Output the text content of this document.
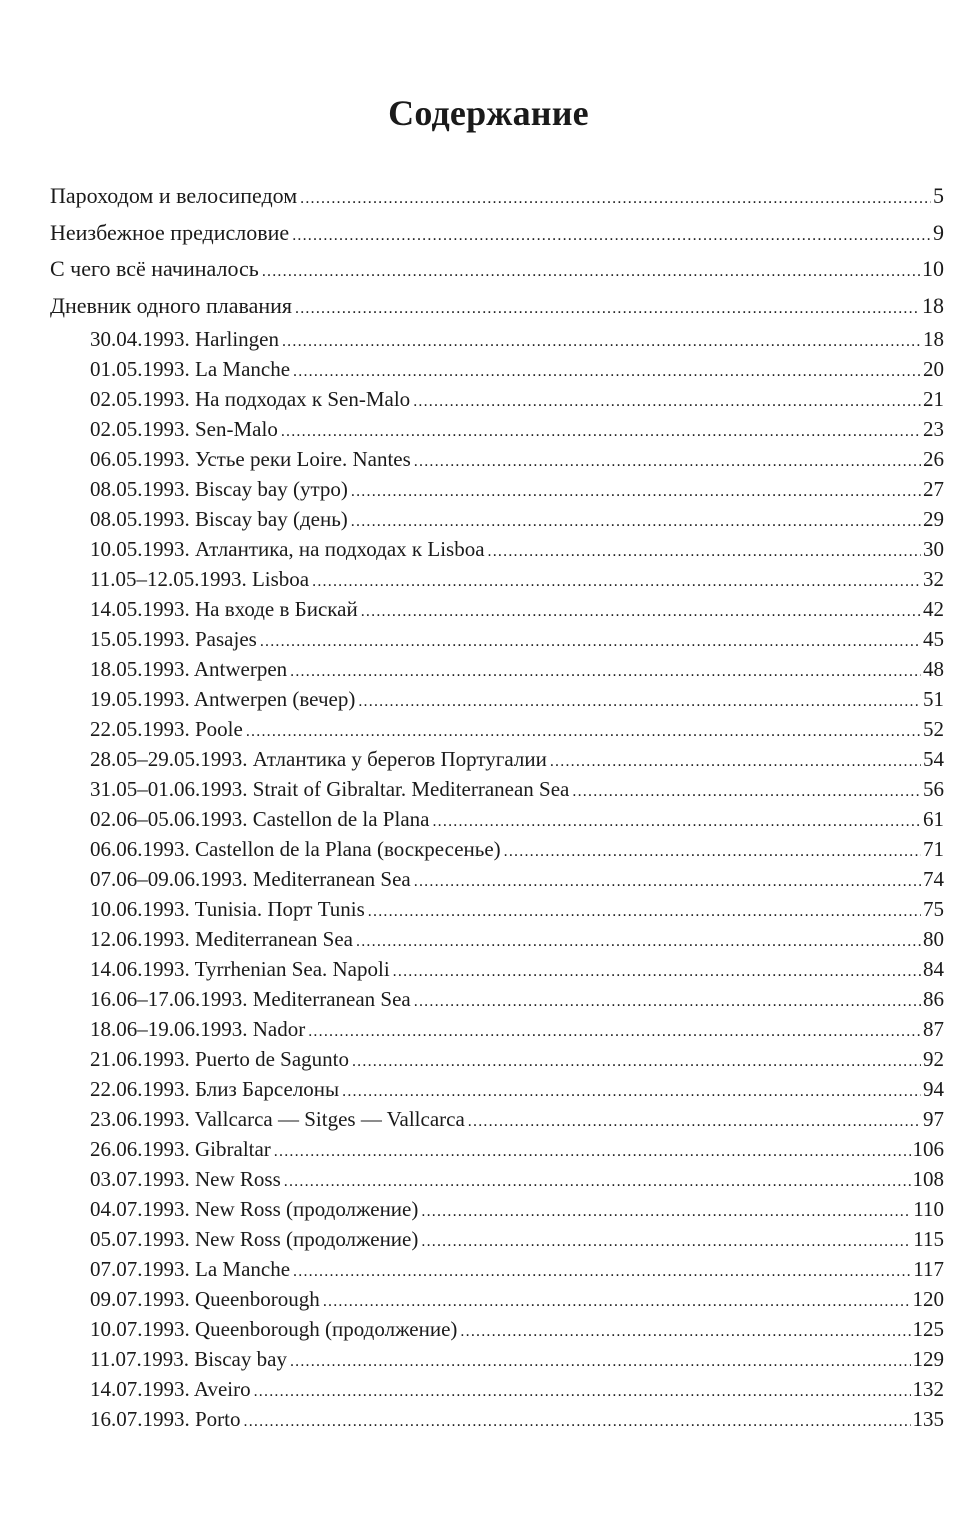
Содержание
Пароходом и велосипедом .....	5
Неизбежное предисловие .....	9
С чего всё начиналось .....	10
Дневник одного плавания .....	18
30.04.1993. Harlingen .....	18
01.05.1993. La Manche .....	20
02.05.1993. На подходах к Sen-Malo .....	21
02.05.1993. Sen-Malo .....	23
06.05.1993. Устье реки Loire. Nantes .....	26
08.05.1993. Biscay bay (утро) .....	27
08.05.1993. Biscay bay (день) .....	29
10.05.1993. Атлантика, на подходах к Lisboa .....	30
11.05–12.05.1993. Lisboa .....	32
14.05.1993. На входе в Бискай .....	42
15.05.1993. Pasajes .....	45
18.05.1993. Antwerpen .....	48
19.05.1993. Antwerpen (вечер) .....	51
22.05.1993. Poole .....	52
28.05–29.05.1993. Атлантика у берегов Португалии .....	54
31.05–01.06.1993. Strait of Gibraltar. Mediterranean Sea .....	56
02.06–05.06.1993. Castellon de la Plana .....	61
06.06.1993. Castellon de la Plana (воскресенье) .....	71
07.06–09.06.1993. Mediterranean Sea .....	74
10.06.1993. Tunisia. Порт Tunis .....	75
12.06.1993. Mediterranean Sea .....	80
14.06.1993. Tyrrhenian Sea. Napoli .....	84
16.06–17.06.1993. Mediterranean Sea .....	86
18.06–19.06.1993. Nador .....	87
21.06.1993. Puerto de Sagunto .....	92
22.06.1993. Близ Барселоны .....	94
23.06.1993. Vallcarca — Sitges — Vallcarca .....	97
26.06.1993. Gibraltar .....	106
03.07.1993. New Ross .....	108
04.07.1993. New Ross (продолжение) .....	110
05.07.1993. New Ross (продолжение) .....	115
07.07.1993. La Manche .....	117
09.07.1993. Queenborough .....	120
10.07.1993. Queenborough (продолжение) .....	125
11.07.1993. Biscay bay .....	129
14.07.1993. Aveiro .....	132
16.07.1993. Porto .....	135
